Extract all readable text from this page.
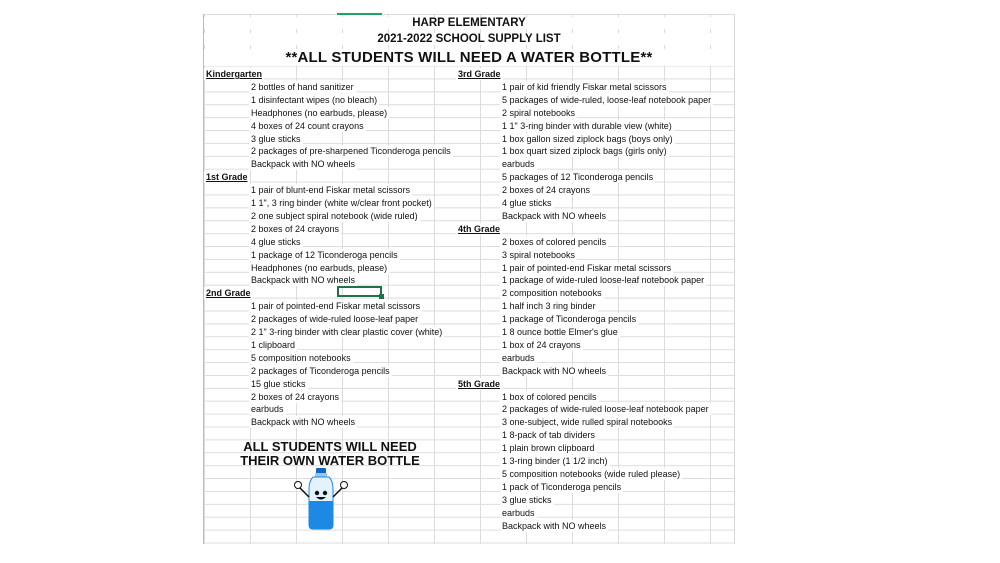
HARP ELEMENTARY
2021-2022 SCHOOL SUPPLY LIST
**ALL STUDENTS WILL NEED A WATER BOTTLE**
Kindergarten
2 bottles of hand sanitizer
1 disinfectant wipes (no bleach)
Headphones (no earbuds, please)
4 boxes of 24 count crayons
3 glue sticks
2 packages of pre-sharpened Ticonderoga pencils
Backpack with NO wheels
1st Grade
1 pair of blunt-end Fiskar metal scissors
1 1", 3 ring binder (white w/clear front pocket)
2 one subject spiral notebook (wide ruled)
2 boxes of 24 crayons
4 glue sticks
1 package of 12 Ticonderoga pencils
Headphones (no earbuds, please)
Backpack with NO wheels
2nd Grade
1 pair of pointed-end Fiskar metal scissors
2 packages of wide-ruled loose-leaf paper
2 1" 3-ring binder with clear plastic cover (white)
1 clipboard
5 composition notebooks
2 packages of Ticonderoga pencils
15 glue sticks
2 boxes of 24 crayons
earbuds
Backpack with NO wheels
3rd Grade
1 pair of kid friendly Fiskar metal scissors
5 packages of wide-ruled, loose-leaf notebook paper
2 spiral notebooks
1 1" 3-ring binder with durable view (white)
1 box gallon sized ziplock bags (boys only)
1 box quart sized ziplock bags (girls only)
earbuds
5 packages of 12 Ticonderoga pencils
2 boxes of 24 crayons
4 glue sticks
Backpack with NO wheels
4th Grade
2 boxes of colored pencils
3 spiral notebooks
1 pair of pointed-end Fiskar metal scissors
1 package of wide-ruled loose-leaf notebook paper
2 composition notebooks
1 half inch 3 ring binder
1 package of Ticonderoga pencils
1 8 ounce bottle Elmer's glue
1 box of 24 crayons
earbuds
Backpack with NO wheels
5th Grade
1 box of colored pencils
2 packages of wide-ruled loose-leaf notebook paper
3 one-subject, wide rulled spiral notebooks
1 8-pack of tab dividers
1 plain brown clipboard
1 3-ring binder (1 1/2 inch)
5 composition notebooks (wide ruled please)
1 pack of Ticonderoga pencils
3 glue sticks
earbuds
Backpack with NO wheels
ALL STUDENTS WILL NEED
THEIR OWN WATER BOTTLE
